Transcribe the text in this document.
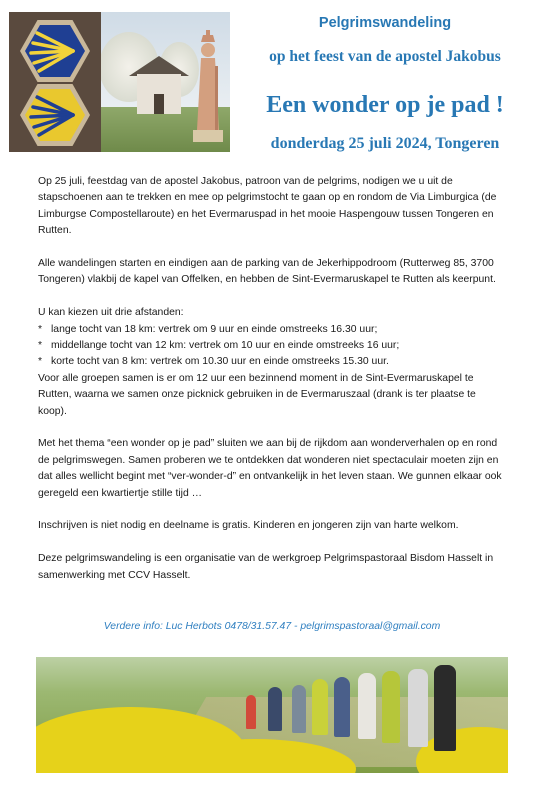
Pelgrimswandeling
op het feest van de apostel Jakobus
Een wonder op je pad !
donderdag 25 juli 2024, Tongeren

Op 25 juli, feestdag van de apostel Jakobus, patroon van de pelgrims, nodigen we u uit de stapschoenen aan te trekken en mee op pelgrimstocht te gaan op en rondom de Via Limburgica (de Limburgse Compostellaroute) en het Evermaruspad in het mooie Haspengouw tussen Tongeren en Rutten.

Alle wandelingen starten en eindigen aan de parking van de Jekerhippodroom (Rutterweg 85, 3700 Tongeren) vlakbij de kapel van Offelken, en hebben de Sint-Evermaruskapel te Rutten als keerpunt.

U kan kiezen uit drie afstanden:

* lange tocht van 18 km: vertrek om 9 uur en einde omstreeks 16.30 uur;
* middellange tocht van 12 km: vertrek om 10 uur en einde omstreeks 16 uur;
* korte tocht van 8 km: vertrek om 10.30 uur en einde omstreeks 15.30 uur.

Voor alle groepen samen is er om 12 uur een bezinnend moment in de Sint-Evermaruskapel te Rutten, waarna we samen onze picknick gebruiken in de Evermaruszaal (drank is ter plaatse te koop).

Met het thema “een wonder op je pad” sluiten we aan bij de rijkdom aan wonderverhalen op en rond de pelgrimswegen. Samen proberen we te ontdekken dat wonderen niet spectaculair moeten zijn en dat alles wellicht begint met “ver-wonder-d” en ontvankelijk in het leven staan. We gunnen elkaar ook geregeld een kwartiertje stille tijd …

Inschrijven is niet nodig en deelname is gratis. Kinderen en jongeren zijn van harte welkom.

Deze pelgrimswandeling is een organisatie van de werkgroep Pelgrimspastoraal Bisdom Hasselt in samenwerking met CCV Hasselt.

Verdere info: Luc Herbots 0478/31.57.47 - pelgrimspastoraal@gmail.com
